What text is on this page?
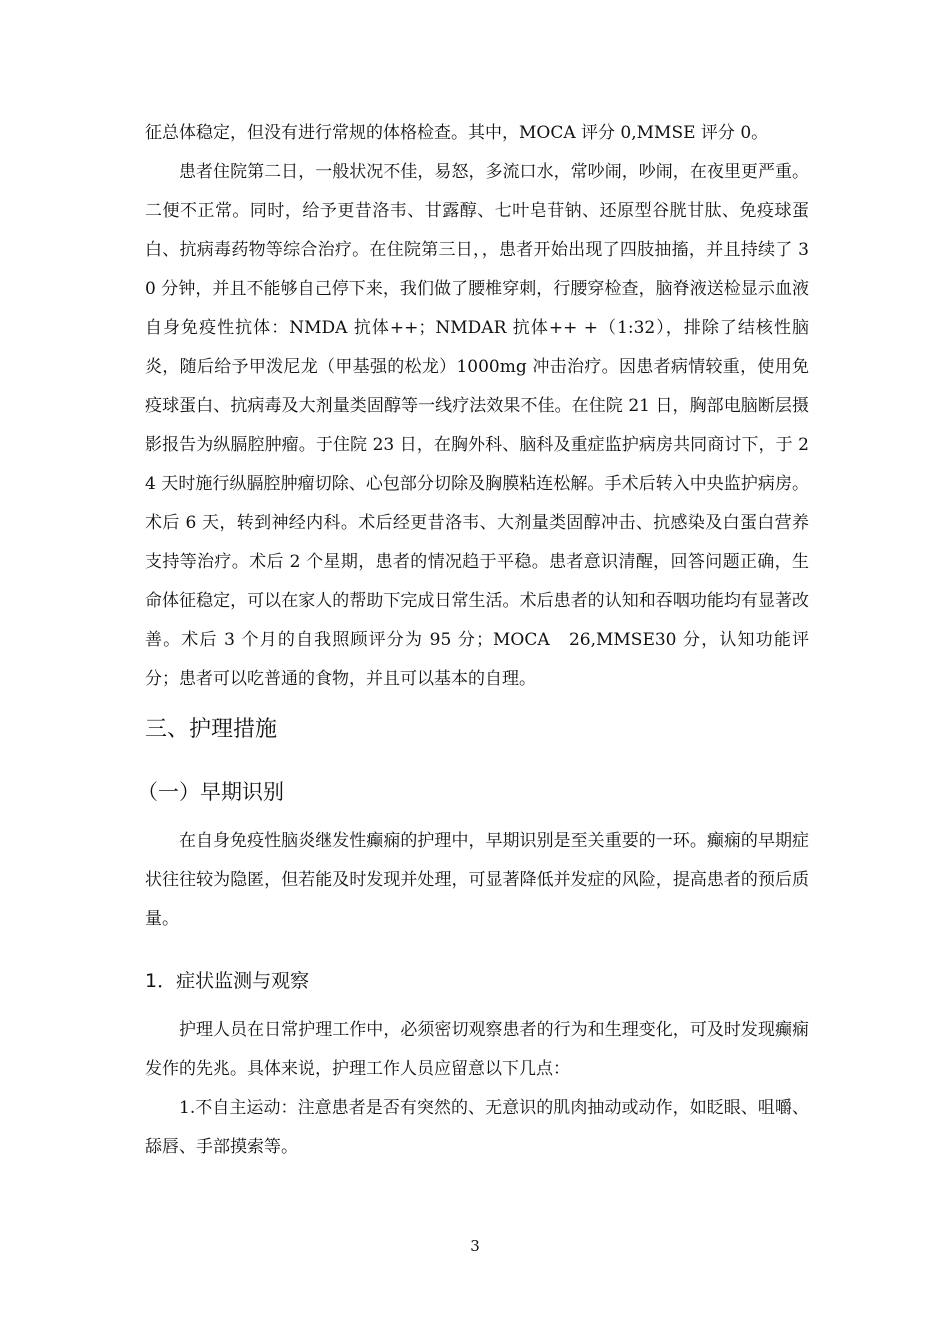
征总体稳定，但没有进行常规的体格检查。其中，MOCA 评分 0,MMSE 评分 0。

患者住院第二日，一般状况不佳，易怒，多流口水，常吵闹，吵闹，在夜里更严重。二便不正常。同时，给予更昔洛韦、甘露醇、七叶皂苷钠、还原型谷胱甘肽、免疫球蛋白、抗病毒药物等综合治疗。在住院第三日，，患者开始出现了四肢抽搐，并且持续了 30 分钟，并且不能够自己停下来，我们做了腰椎穿刺，行腰穿检查，脑脊液送检显示血液自身免疫性抗体：NMDA 抗体++；NMDAR 抗体++ +（1:32），排除了结核性脑炎，随后给予甲泼尼龙（甲基强的松龙）1000mg 冲击治疗。因患者病情较重，使用免疫球蛋白、抗病毒及大剂量类固醇等一线疗法效果不佳。在住院 21 日，胸部电脑断层摄影报告为纵膈腔肿瘤。于住院 23 日，在胸外科、脑科及重症监护病房共同商讨下，于 24 天时施行纵膈腔肿瘤切除、心包部分切除及胸膜粘连松解。手术后转入中央监护病房。术后 6 天，转到神经内科。术后经更昔洛韦、大剂量类固醇冲击、抗感染及白蛋白营养支持等治疗。术后 2 个星期，患者的情况趋于平稳。患者意识清醒，回答问题正确，生命体征稳定，可以在家人的帮助下完成日常生活。术后患者的认知和吞咽功能均有显著改善。术后 3 个月的自我照顾评分为 95 分；MOCA　26,MMSE30 分，认知功能评分；患者可以吃普通的食物，并且可以基本的自理。

三、护理措施
（一）早期识别

在自身免疫性脑炎继发性癫痫的护理中，早期识别是至关重要的一环。癫痫的早期症状往往较为隐匿，但若能及时发现并处理，可显著降低并发症的风险，提高患者的预后质量。

1．症状监测与观察

护理人员在日常护理工作中，必须密切观察患者的行为和生理变化，可及时发现癫痫发作的先兆。具体来说，护理工作人员应留意以下几点：

1.不自主运动：注意患者是否有突然的、无意识的肌肉抽动或动作，如眨眼、咀嚼、舔唇、手部摸索等。

3
